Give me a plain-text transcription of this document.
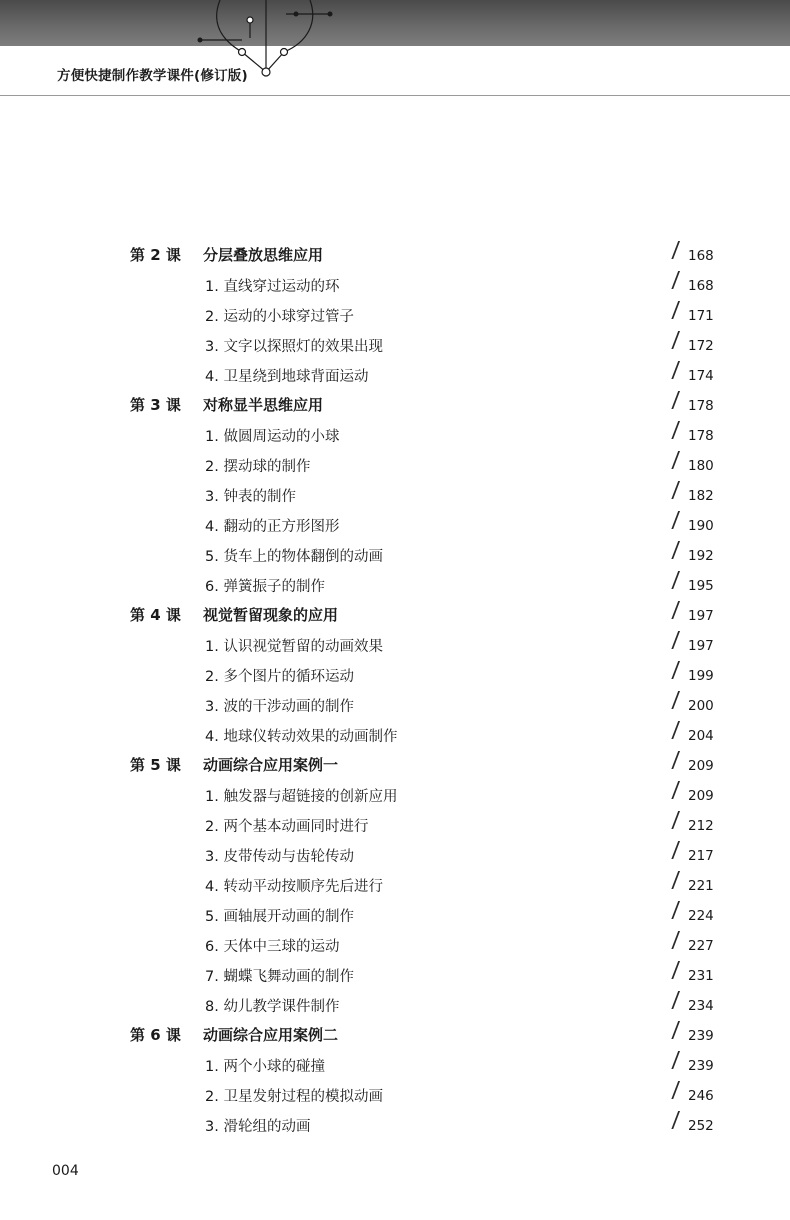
方便快捷制作教学课件(修订版)
第 2 课 分层叠放思维应用	/ 168
1. 直线穿过运动的环	/ 168
2. 运动的小球穿过管子	/ 171
3. 文字以探照灯的效果出现	/ 172
4. 卫星绕到地球背面运动	/ 174
第 3 课 对称显半思维应用	/ 178
1. 做圆周运动的小球	/ 178
2. 摆动球的制作	/ 180
3. 钟表的制作	/ 182
4. 翻动的正方形图形	/ 190
5. 货车上的物体翻倒的动画	/ 192
6. 弹簧振子的制作	/ 195
第 4 课 视觉暂留现象的应用	/ 197
1. 认识视觉暂留的动画效果	/ 197
2. 多个图片的循环运动	/ 199
3. 波的干涉动画的制作	/ 200
4. 地球仪转动效果的动画制作	/ 204
第 5 课 动画综合应用案例一	/ 209
1. 触发器与超链接的创新应用	/ 209
2. 两个基本动画同时进行	/ 212
3. 皮带传动与齿轮传动	/ 217
4. 转动平动按顺序先后进行	/ 221
5. 画轴展开动画的制作	/ 224
6. 天体中三球的运动	/ 227
7. 蝴蝶飞舞动画的制作	/ 231
8. 幼儿教学课件制作	/ 234
第 6 课 动画综合应用案例二	/ 239
1. 两个小球的碰撞	/ 239
2. 卫星发射过程的模拟动画	/ 246
3. 滑轮组的动画	/ 252
004
